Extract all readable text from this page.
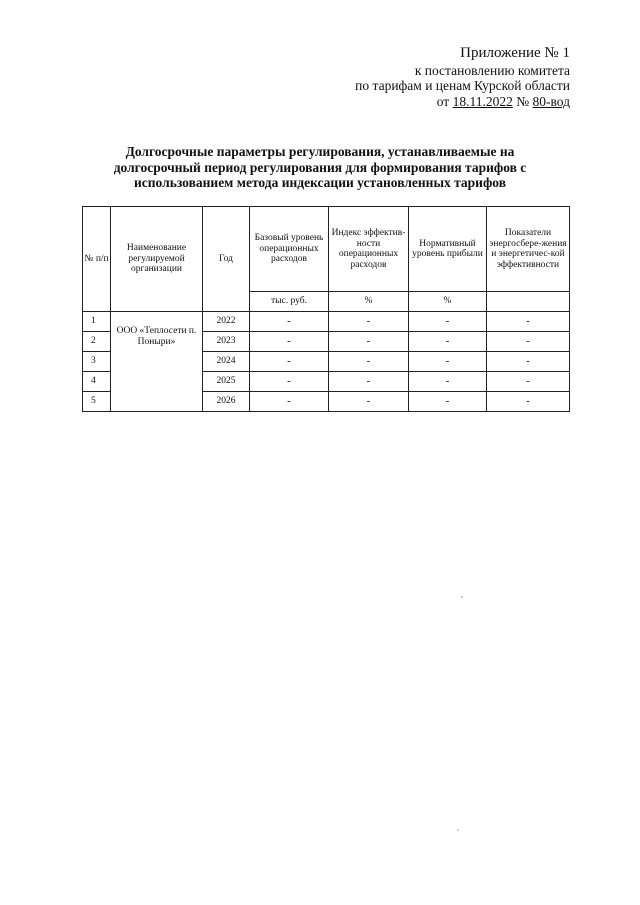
Приложение № 1
к постановлению комитета
по тарифам и ценам Курской области
от 18.11.2022 № 80-вод
Долгосрочные параметры регулирования, устанавливаемые на
долгосрочный период регулирования для формирования тарифов с
использованием метода индексации установленных тарифов
№ п/п	Наименование регулируемой организации	Год	Базовый уровень операционных расходов	Индекс эффектив-ности операционных расходов	Нормативный уровень прибыли	Показатели энергосбере-жения и энергетичес-кой эффективности
			тыс. руб.	%	%	
1	ООО «Теплосети п. Поныри»	2022	-	-	-	-
2		2023	-	-	-	-
3		2024	-	-	-	-
4		2025	-	-	-	-
5		2026	-	-	-	-
